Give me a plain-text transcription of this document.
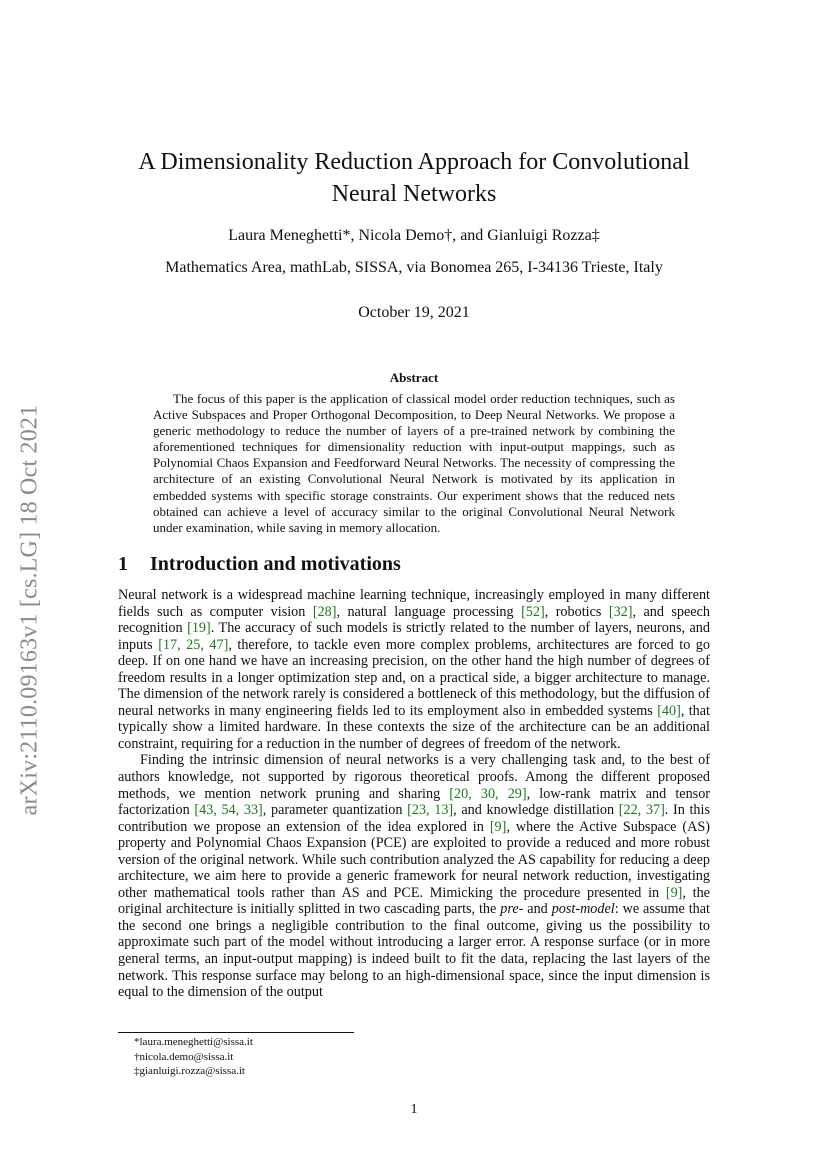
arXiv:2110.09163v1 [cs.LG] 18 Oct 2021
A Dimensionality Reduction Approach for Convolutional
Neural Networks
Laura Meneghetti*, Nicola Demo†, and Gianluigi Rozza‡
Mathematics Area, mathLab, SISSA, via Bonomea 265, I-34136 Trieste, Italy
October 19, 2021
Abstract
The focus of this paper is the application of classical model order reduction techniques, such as Active Subspaces and Proper Orthogonal Decomposition, to Deep Neural Networks. We propose a generic methodology to reduce the number of layers of a pre-trained network by combining the aforementioned techniques for dimensionality reduction with input-output mappings, such as Polynomial Chaos Expansion and Feedforward Neural Networks. The necessity of compressing the architecture of an existing Convolutional Neural Network is motivated by its application in embedded systems with specific storage constraints. Our experiment shows that the reduced nets obtained can achieve a level of accuracy similar to the original Convolutional Neural Network under examination, while saving in memory allocation.
1 Introduction and motivations

Neural network is a widespread machine learning technique, increasingly employed in many different fields such as computer vision [28], natural language processing [52], robotics [32], and speech recognition [19]. The accuracy of such models is strictly related to the number of layers, neurons, and inputs [17, 25, 47], therefore, to tackle even more complex problems, architectures are forced to go deep. If on one hand we have an increasing precision, on the other hand the high number of degrees of freedom results in a longer optimization step and, on a practical side, a bigger architecture to manage. The dimension of the network rarely is considered a bottleneck of this methodology, but the diffusion of neural networks in many engineering fields led to its employment also in embedded systems [40], that typically show a limited hardware. In these contexts the size of the architecture can be an additional constraint, requiring for a reduction in the number of degrees of freedom of the network.

Finding the intrinsic dimension of neural networks is a very challenging task and, to the best of authors knowledge, not supported by rigorous theoretical proofs. Among the different proposed methods, we mention network pruning and sharing [20, 30, 29], low-rank matrix and tensor factorization [43, 54, 33], parameter quantization [23, 13], and knowledge distillation [22, 37]. In this contribution we propose an extension of the idea explored in [9], where the Active Subspace (AS) property and Polynomial Chaos Expansion (PCE) are exploited to provide a reduced and more robust version of the original network. While such contribution analyzed the AS capability for reducing a deep architecture, we aim here to provide a generic framework for neural network reduction, investigating other mathematical tools rather than AS and PCE. Mimicking the procedure presented in [9], the original architecture is initially splitted in two cascading parts, the pre- and post-model: we assume that the second one brings a negligible contribution to the final outcome, giving us the possibility to approximate such part of the model without introducing a larger error. A response surface (or in more general terms, an input-output mapping) is indeed built to fit the data, replacing the last layers of the network. This response surface may belong to an high-dimensional space, since the input dimension is equal to the dimension of the output

*laura.meneghetti@sissa.it
†nicola.demo@sissa.it
‡gianluigi.rozza@sissa.it
1
